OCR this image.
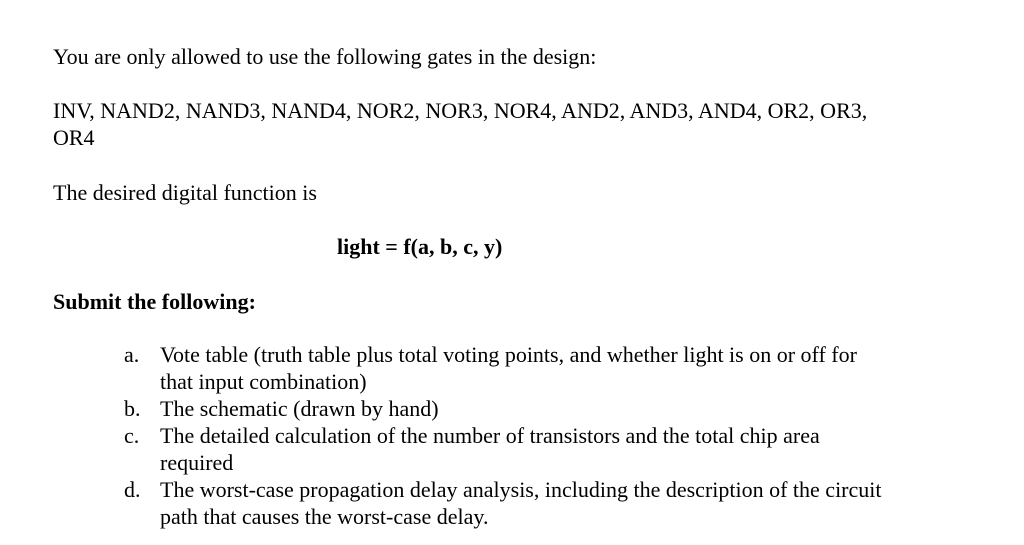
You are only allowed to use the following gates in the design:

INV, NAND2, NAND3, NAND4, NOR2, NOR3, NOR4, AND2, AND3, AND4, OR2, OR3,
OR4

The desired digital function is

light = f(a, b, c, y)

Submit the following:

a. Vote table (truth table plus total voting points, and whether light is on or off for
that input combination)
b. The schematic (drawn by hand)
c. The detailed calculation of the number of transistors and the total chip area
required
d. The worst-case propagation delay analysis, including the description of the circuit
path that causes the worst-case delay.
